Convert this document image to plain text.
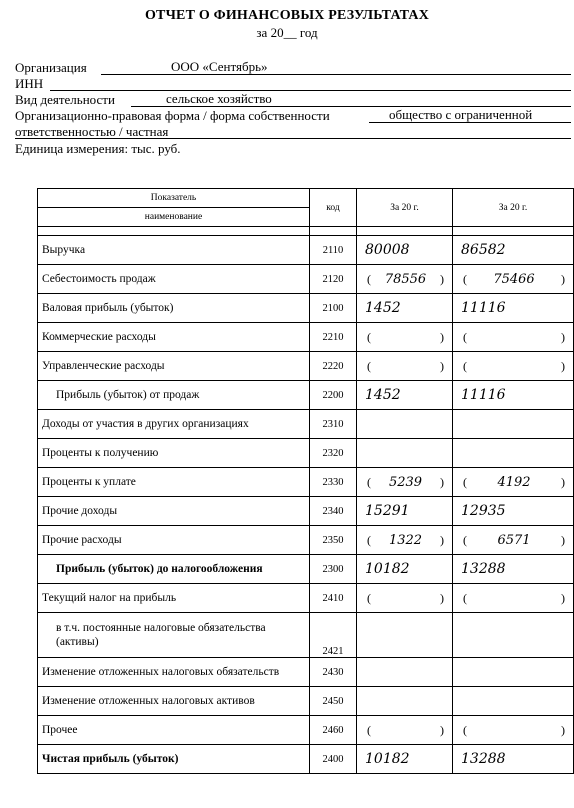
ОТЧЕТ О ФИНАНСОВЫХ РЕЗУЛЬТАТАХ
за 20__ год
Организация	ООО «Сентябрь»
ИНН
Вид деятельности	сельское хозяйство
Организационно-правовая форма / форма собственности	общество с ограниченной
ответственностью / частная
Единица измерения: тыс. руб.
Показатель	код	За 20 г.	За 20 г.
наименование			

Выручка	2110	80008	86582
Себестоимость продаж	2120	( 78556 )	( 75466 )

Валовая прибыль (убыток)	2100	1452	11116
Коммерческие расходы	2210	( )	( )

Управленческие расходы	2220	( )	( )

Прибыль (убыток) от продаж	2200	1452	11116
Доходы от участия в других организациях	2310		
Проценты к получению	2320		
Проценты к уплате	2330	( 5239 )	( 4192 )

Прочие доходы	2340	15291	12935
Прочие расходы	2350	( 1322 )	( 6571 )

Прибыль (убыток) до налогообложения	2300	10182	13288
Текущий налог на прибыль	2410	( )	( )

в т.ч. постоянные налоговые обязательства (активы)	2421		
Изменение отложенных налоговых обязательств	2430		
Изменение отложенных налоговых активов	2450		
Прочее	2460	( )	( )

Чистая прибыль (убыток)	2400	10182	13288
